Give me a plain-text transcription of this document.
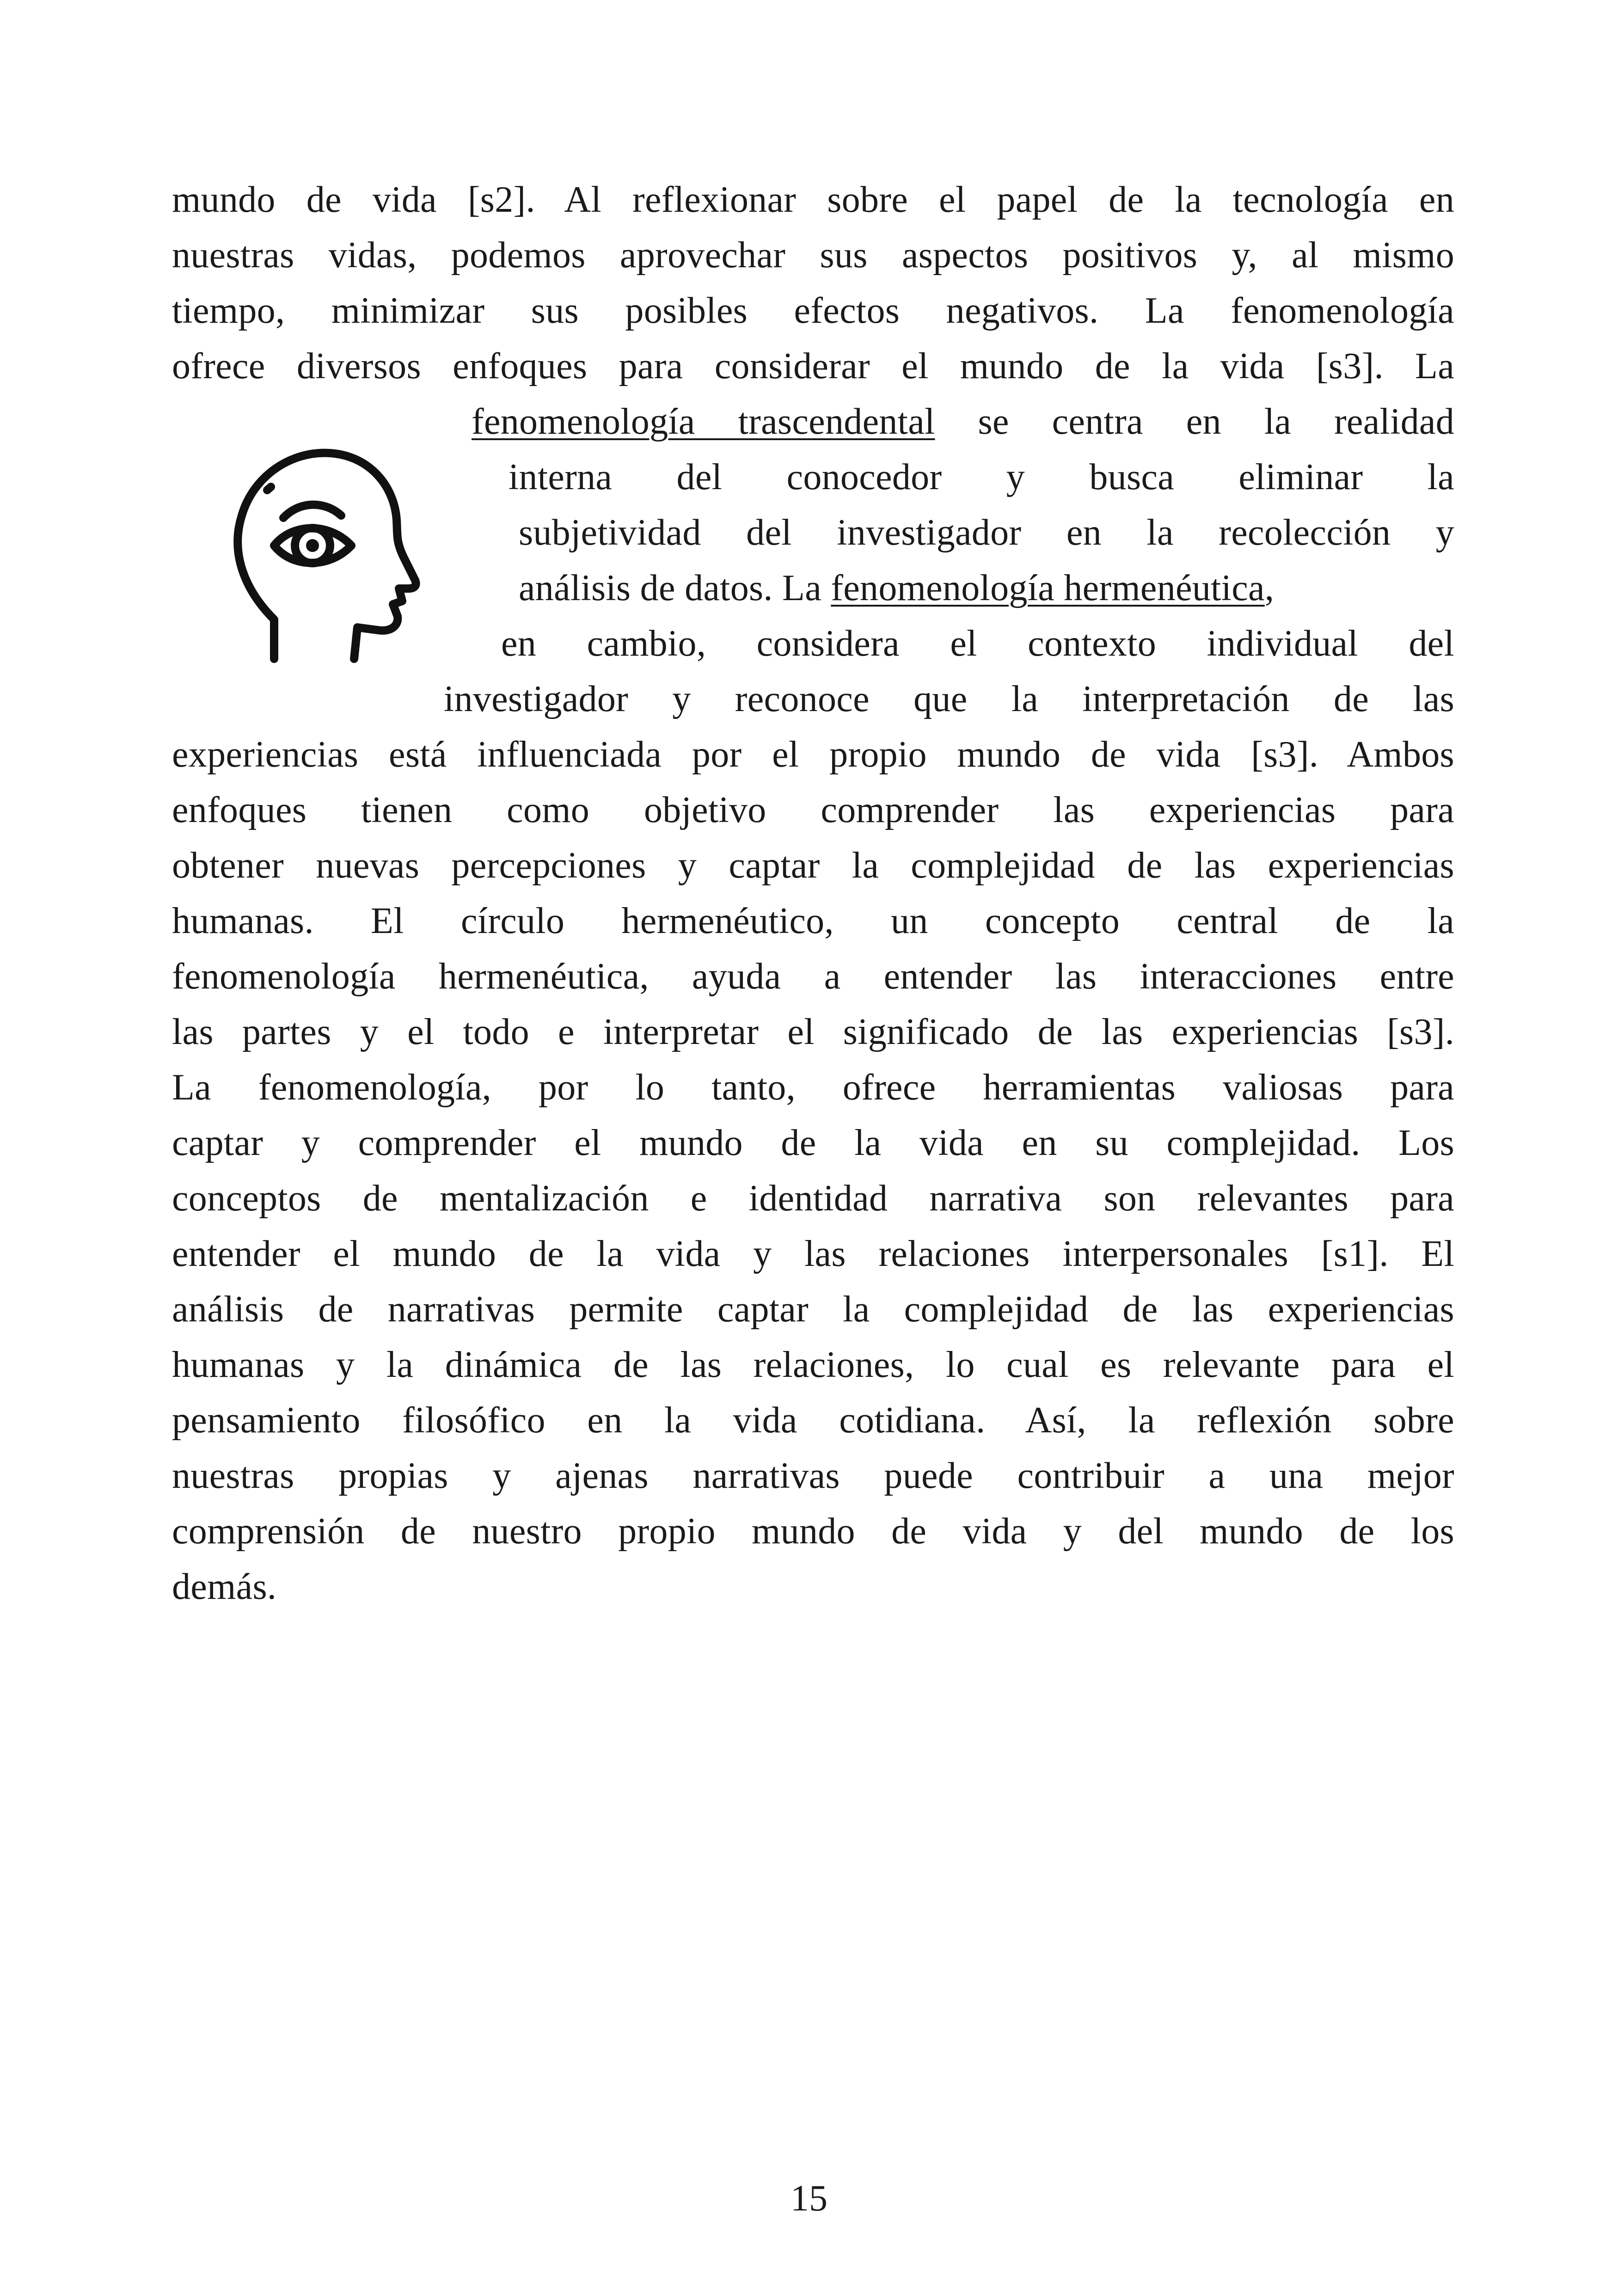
mundo de vida [s2]. Al reflexionar sobre el papel de la tecnología en
nuestras vidas, podemos aprovechar sus aspectos positivos y, al mismo
tiempo, minimizar sus posibles efectos negativos. La fenomenología
ofrece diversos enfoques para considerar el mundo de la vida [s3]. La
fenomenología trascendental se centra en la realidad
interna del conocedor y busca eliminar la
subjetividad del investigador en la recolección y
análisis de datos. La fenomenología hermenéutica,
en cambio, considera el contexto individual del
investigador y reconoce que la interpretación de las
experiencias está influenciada por el propio mundo de vida [s3]. Ambos
enfoques tienen como objetivo comprender las experiencias para
obtener nuevas percepciones y captar la complejidad de las experiencias
humanas. El círculo hermenéutico, un concepto central de la
fenomenología hermenéutica, ayuda a entender las interacciones entre
las partes y el todo e interpretar el significado de las experiencias [s3].
La fenomenología, por lo tanto, ofrece herramientas valiosas para
captar y comprender el mundo de la vida en su complejidad. Los
conceptos de mentalización e identidad narrativa son relevantes para
entender el mundo de la vida y las relaciones interpersonales [s1]. El
análisis de narrativas permite captar la complejidad de las experiencias
humanas y la dinámica de las relaciones, lo cual es relevante para el
pensamiento filosófico en la vida cotidiana. Así, la reflexión sobre
nuestras propias y ajenas narrativas puede contribuir a una mejor
comprensión de nuestro propio mundo de vida y del mundo de los
demás.
15
